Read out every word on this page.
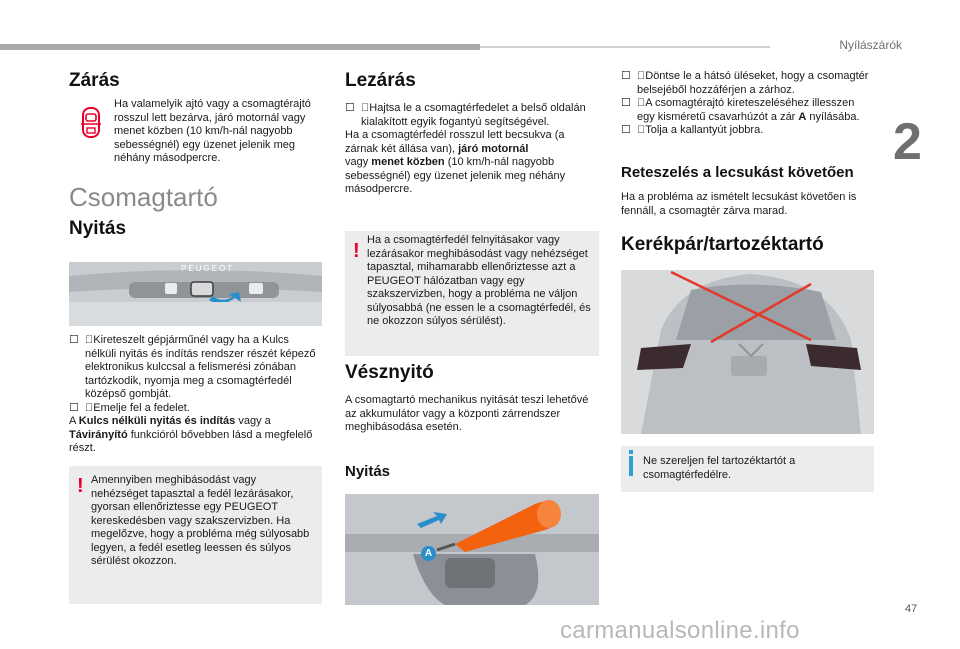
Nyílászárók
2
47
carmanualsonline.info
Zárás
Ha valamelyik ajtó vagy a csomagtérajtó rosszul lett bezárva, járó motornál vagy menet közben (10 km/h-nál nagyobb sebességnél) egy üzenet jelenik meg néhány másodpercre.
Csomagtartó
Nyitás
PEUGEOT

☐ Kireteszelt gépjárműnél vagy ha a Kulcs nélküli nyitás és indítás rendszer részét képező elektronikus kulccsal a felismerési zónában tartózkodik, nyomja meg a csomagtérfedél középső gombját.

☐ Emelje fel a fedelet.

A Kulcs nélküli nyitás és indítás vagy a Távirányító funkcióról bővebben lásd a megfelelő részt.

! Amennyiben meghibásodást vagy nehézséget tapasztal a fedél lezárásakor, gyorsan ellenőriztesse egy PEUGEOT kereskedésben vagy szakszervizben. Ha megelőzve, hogy a probléma még súlyosabb legyen, a fedél esetleg leessen és súlyos sérülést okozzon.
Lezárás

☐ Hajtsa le a csomagtérfedelet a belső oldalán kialakított egyik fogantyú segítségével.

Ha a csomagtérfedél rosszul lett becsukva (a zárnak két állása van), járó motornál
vagy menet közben (10 km/h-nál nagyobb sebességnél) egy üzenet jelenik meg néhány másodpercre.

! Ha a csomagtérfedél felnyitásakor vagy lezárásakor meghibásodást vagy nehézséget tapasztal, mihamarabb ellenőriztesse azt a PEUGEOT hálózatban vagy egy szakszervizben, hogy a probléma ne váljon súlyosabbá (ne essen le a csomagtérfedél, és ne okozzon súlyos sérülést).
Vésznyitó
A csomagtartó mechanikus nyitását teszi lehetővé az akkumulátor vagy a központi zárrendszer meghibásodása esetén.
Nyitás
A

☐ Döntse le a hátsó üléseket, hogy a csomagtér belsejéből hozzáférjen a zárhoz.

☐ A csomagtérajtó kireteszeléséhez illesszen egy kisméretű csavarhúzót a zár A nyílásába.

☐ Tolja a kallantyút jobbra.

Reteszelés a lecsukást követően
Ha a probléma az ismételt lecsukást követően is fennáll, a csomagtér zárva marad.
Kerékpár/tartozéktartó
Ne szereljen fel tartozéktartót a csomagtérfedélre.
